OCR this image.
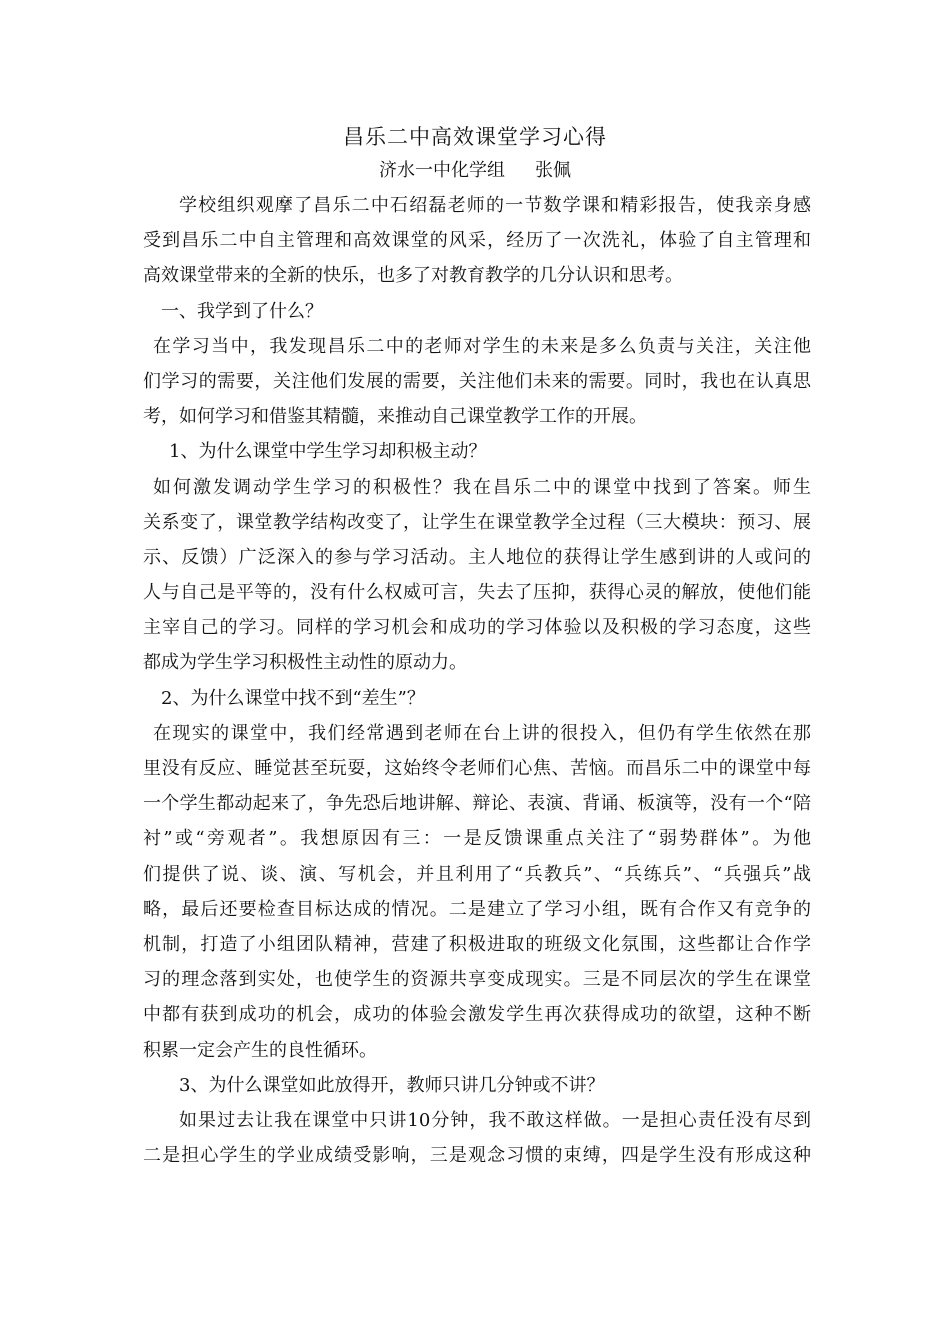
昌乐二中高效课堂学习心得
济水一中化学组 张佩
学校组织观摩了昌乐二中石绍磊老师的一节数学课和精彩报告，使我亲身感
受到昌乐二中自主管理和高效课堂的风采，经历了一次洗礼，体验了自主管理和
高效课堂带来的全新的快乐，也多了对教育教学的几分认识和思考。
一、我学到了什么？
在学习当中，我发现昌乐二中的老师对学生的未来是多么负责与关注，关注他
们学习的需要，关注他们发展的需要，关注他们未来的需要。同时，我也在认真思
考，如何学习和借鉴其精髓，来推动自己课堂教学工作的开展。
1、为什么课堂中学生学习却积极主动？
如何激发调动学生学习的积极性？我在昌乐二中的课堂中找到了答案。师生
关系变了，课堂教学结构改变了，让学生在课堂教学全过程（三大模块：预习、展
示、反馈）广泛深入的参与学习活动。主人地位的获得让学生感到讲的人或问的
人与自己是平等的，没有什么权威可言，失去了压抑，获得心灵的解放，使他们能
主宰自己的学习。同样的学习机会和成功的学习体验以及积极的学习态度，这些
都成为学生学习积极性主动性的原动力。
2、为什么课堂中找不到“差生”？
在现实的课堂中，我们经常遇到老师在台上讲的很投入，但仍有学生依然在那
里没有反应、睡觉甚至玩耍，这始终令老师们心焦、苦恼。而昌乐二中的课堂中每
一个学生都动起来了，争先恐后地讲解、辩论、表演、背诵、板演等，没有一个“陪
衬”或“旁观者”。我想原因有三：一是反馈课重点关注了“弱势群体”。为他
们提供了说、谈、演、写机会，并且利用了“兵教兵”、“兵练兵”、“兵强兵”战
略，最后还要检查目标达成的情况。二是建立了学习小组，既有合作又有竞争的
机制，打造了小组团队精神，营建了积极进取的班级文化氛围，这些都让合作学
习的理念落到实处，也使学生的资源共享变成现实。三是不同层次的学生在课堂
中都有获到成功的机会，成功的体验会激发学生再次获得成功的欲望，这种不断
积累一定会产生的良性循环。
3、为什么课堂如此放得开，教师只讲几分钟或不讲？
如果过去让我在课堂中只讲10分钟，我不敢这样做。一是担心责任没有尽到
二是担心学生的学业成绩受影响，三是观念习惯的束缚，四是学生没有形成这种
